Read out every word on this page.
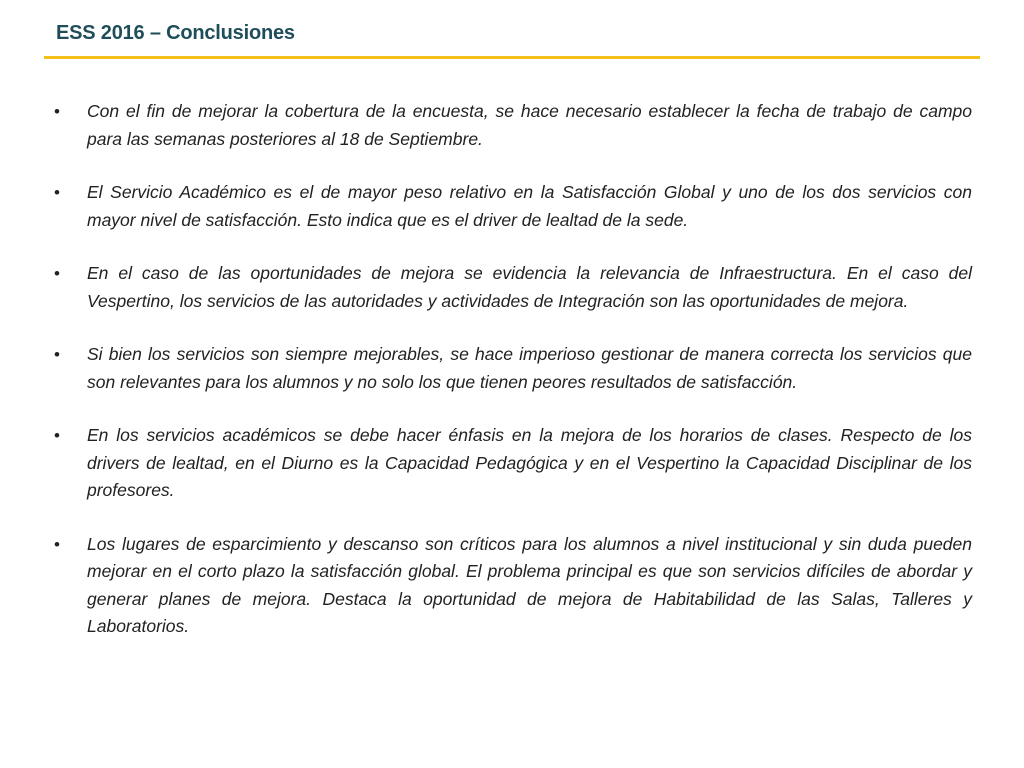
ESS 2016 – Conclusiones
• Con el fin de mejorar la cobertura de la encuesta, se hace necesario establecer la fecha de trabajo de campo para las semanas posteriores al 18 de Septiembre.
• El Servicio Académico es el de mayor peso relativo en la Satisfacción Global y uno de los dos servicios con mayor nivel de satisfacción. Esto indica que es el driver de lealtad de la sede.
• En el caso de las oportunidades de mejora se evidencia la relevancia de Infraestructura. En el caso del Vespertino, los servicios de las autoridades y actividades de Integración son las oportunidades de mejora.
• Si bien los servicios son siempre mejorables, se hace imperioso gestionar de manera correcta los servicios que son relevantes para los alumnos y no solo los que tienen peores resultados de satisfacción.
• En los servicios académicos se debe hacer énfasis en la mejora de los horarios de clases. Respecto de los drivers de lealtad, en el Diurno es la Capacidad Pedagógica y en el Vespertino la Capacidad Disciplinar de los profesores.
• Los lugares de esparcimiento y descanso son críticos para los alumnos a nivel institucional y sin duda pueden mejorar en el corto plazo la satisfacción global. El problema principal es que son servicios difíciles de abordar y generar planes de mejora. Destaca la oportunidad de mejora de Habitabilidad de las Salas, Talleres y Laboratorios.
